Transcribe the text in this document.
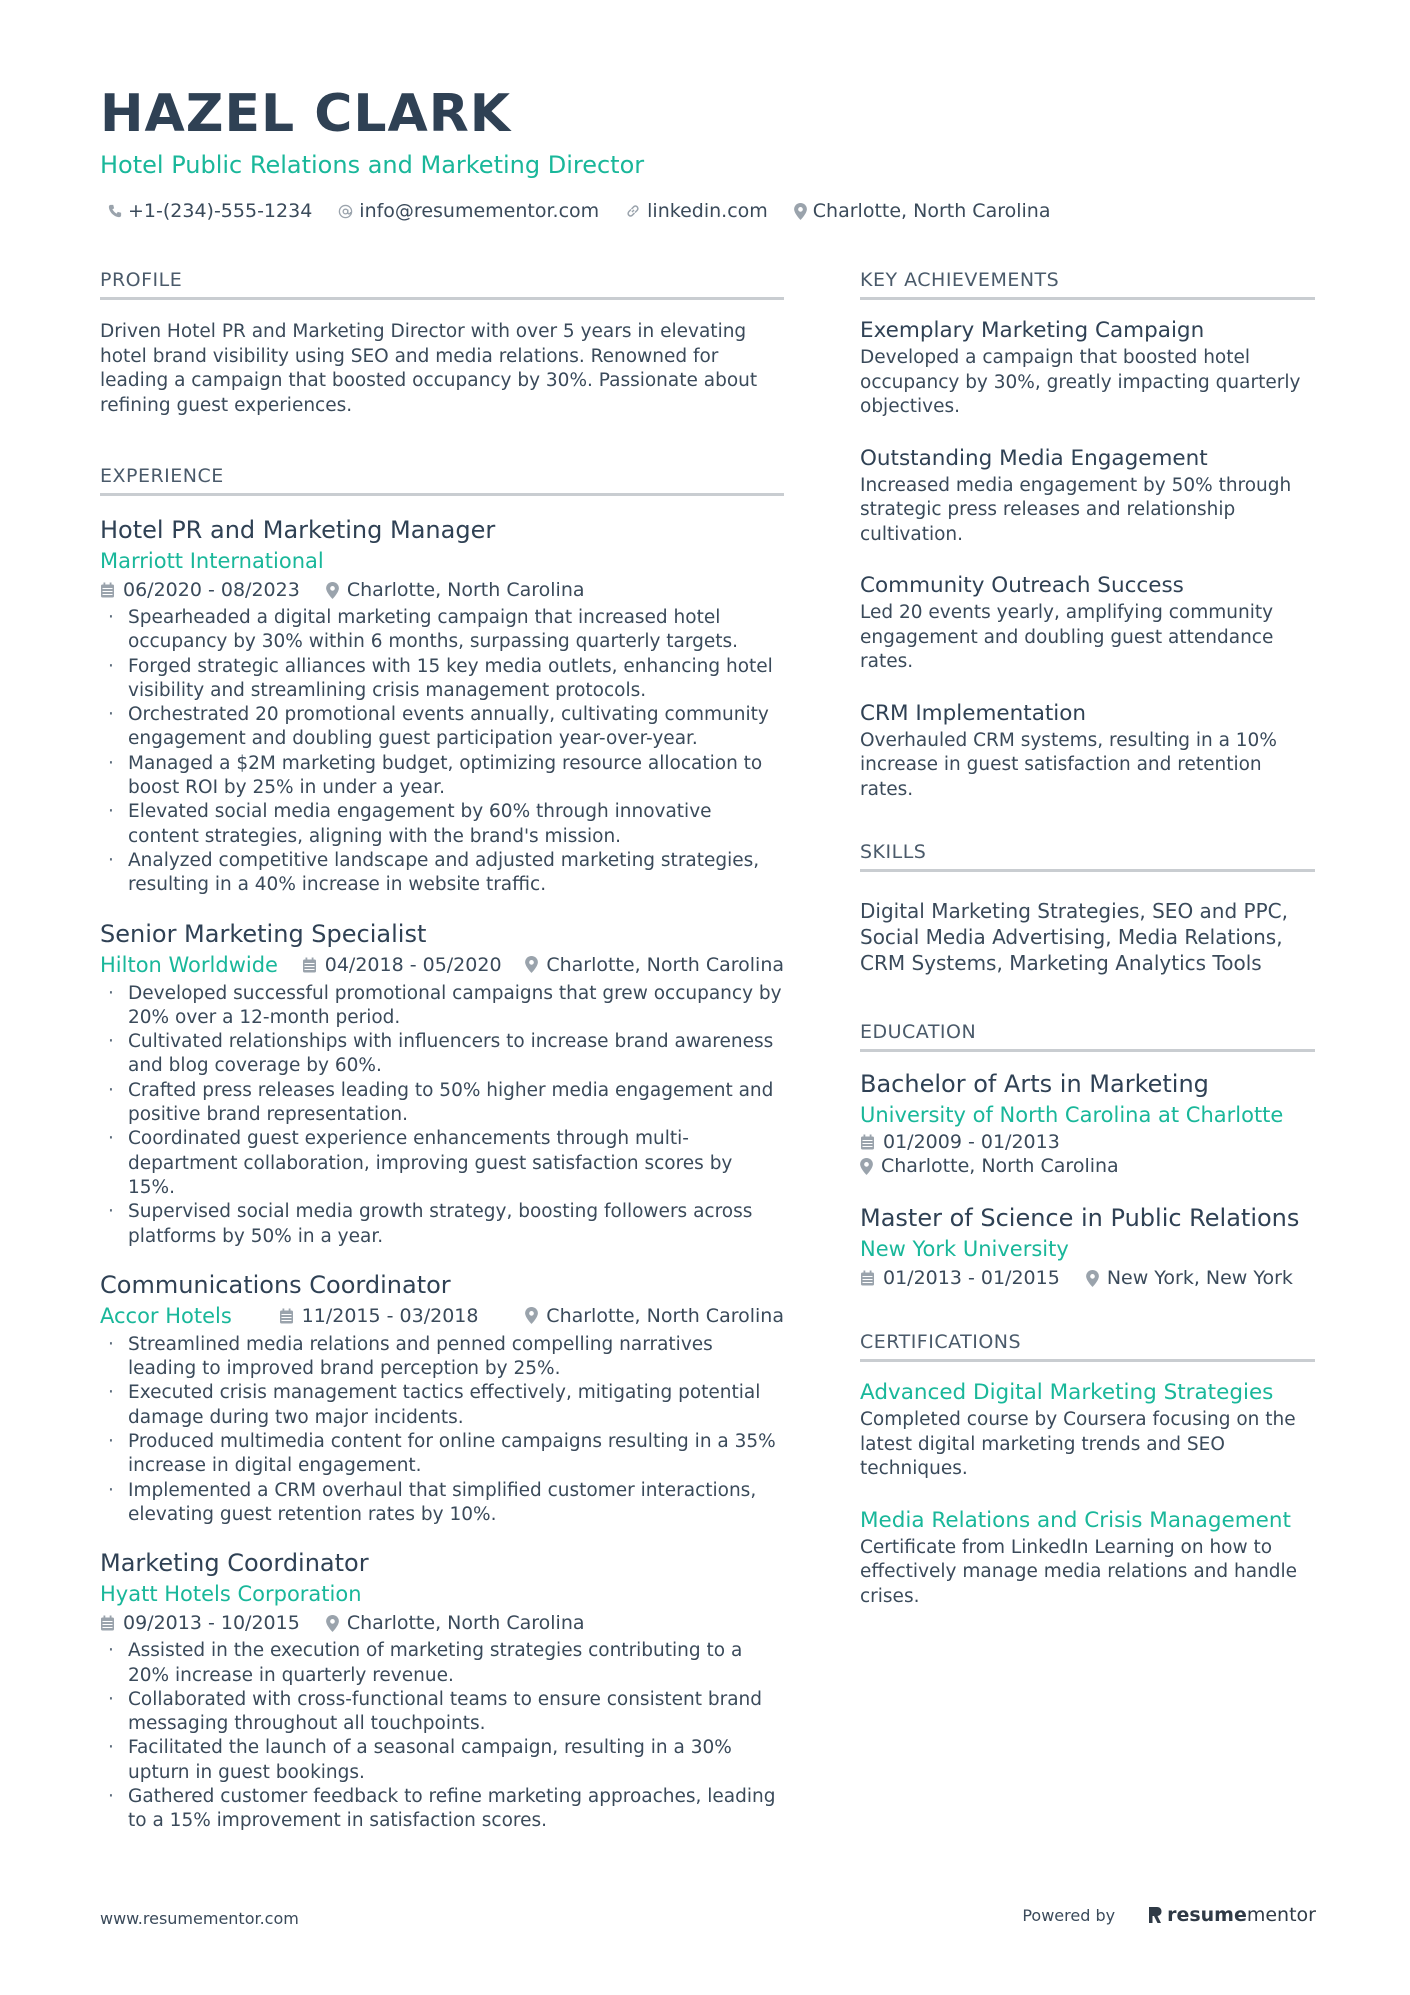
HAZEL CLARK
Hotel Public Relations and Marketing Director
+1-(234)-555-1234 info@resumementor.com	linkedin.com Charlotte, North Carolina
PROFILE

Driven Hotel PR and Marketing Director with over 5 years in elevating hotel brand visibility using SEO and media relations. Renowned for leading a campaign that boosted occupancy by 30%. Passionate about refining guest experiences.

EXPERIENCE
Hotel PR and Marketing Manager
Marriott International
06/2020 - 08/2023 Charlotte, North Carolina
· Spearheaded a digital marketing campaign that increased hotel occupancy by 30% within 6 months, surpassing quarterly targets.
· Forged strategic alliances with 15 key media outlets, enhancing hotel visibility and streamlining crisis management protocols.
· Orchestrated 20 promotional events annually, cultivating community engagement and doubling guest participation year-over-year.
· Managed a $2M marketing budget, optimizing resource allocation to boost ROI by 25% in under a year.
· Elevated social media engagement by 60% through innovative content strategies, aligning with the brand's mission.
· Analyzed competitive landscape and adjusted marketing strategies, resulting in a 40% increase in website traffic.
Senior Marketing Specialist
Hilton Worldwide 04/2018 - 05/2020 Charlotte, North Carolina
· Developed successful promotional campaigns that grew occupancy by 20% over a 12-month period.
· Cultivated relationships with influencers to increase brand awareness and blog coverage by 60%.
· Crafted press releases leading to 50% higher media engagement and positive brand representation.
· Coordinated guest experience enhancements through multi-department collaboration, improving guest satisfaction scores by 15%.
· Supervised social media growth strategy, boosting followers across platforms by 50% in a year.
Communications Coordinator
Accor Hotels	11/2015 - 03/2018	Charlotte, North Carolina
· Streamlined media relations and penned compelling narratives leading to improved brand perception by 25%.
· Executed crisis management tactics effectively, mitigating potential damage during two major incidents.
· Produced multimedia content for online campaigns resulting in a 35% increase in digital engagement.
· Implemented a CRM overhaul that simplified customer interactions, elevating guest retention rates by 10%.
Marketing Coordinator
Hyatt Hotels Corporation
09/2013 - 10/2015 Charlotte, North Carolina
· Assisted in the execution of marketing strategies contributing to a 20% increase in quarterly revenue.
· Collaborated with cross-functional teams to ensure consistent brand messaging throughout all touchpoints.
· Facilitated the launch of a seasonal campaign, resulting in a 30% upturn in guest bookings.
· Gathered customer feedback to refine marketing approaches, leading to a 15% improvement in satisfaction scores.
KEY ACHIEVEMENTS
Exemplary Marketing Campaign

Developed a campaign that boosted hotel occupancy by 30%, greatly impacting quarterly objectives.

Outstanding Media Engagement

Increased media engagement by 50% through strategic press releases and relationship cultivation.

Community Outreach Success

Led 20 events yearly, amplifying community engagement and doubling guest attendance rates.

CRM Implementation

Overhauled CRM systems, resulting in a 10% increase in guest satisfaction and retention rates.

SKILLS

Digital Marketing Strategies, SEO and PPC, Social Media Advertising, Media Relations, CRM Systems, Marketing Analytics Tools

EDUCATION
Bachelor of Arts in Marketing
University of North Carolina at Charlotte
01/2009 - 01/2013
Charlotte, North Carolina
Master of Science in Public Relations
New York University
01/2013 - 01/2015 New York, New York
CERTIFICATIONS
Advanced Digital Marketing Strategies

Completed course by Coursera focusing on the latest digital marketing trends and SEO techniques.

Media Relations and Crisis Management

Certificate from LinkedIn Learning on how to effectively manage media relations and handle crises.

www.resumementor.com	Powered by	resume mentor
